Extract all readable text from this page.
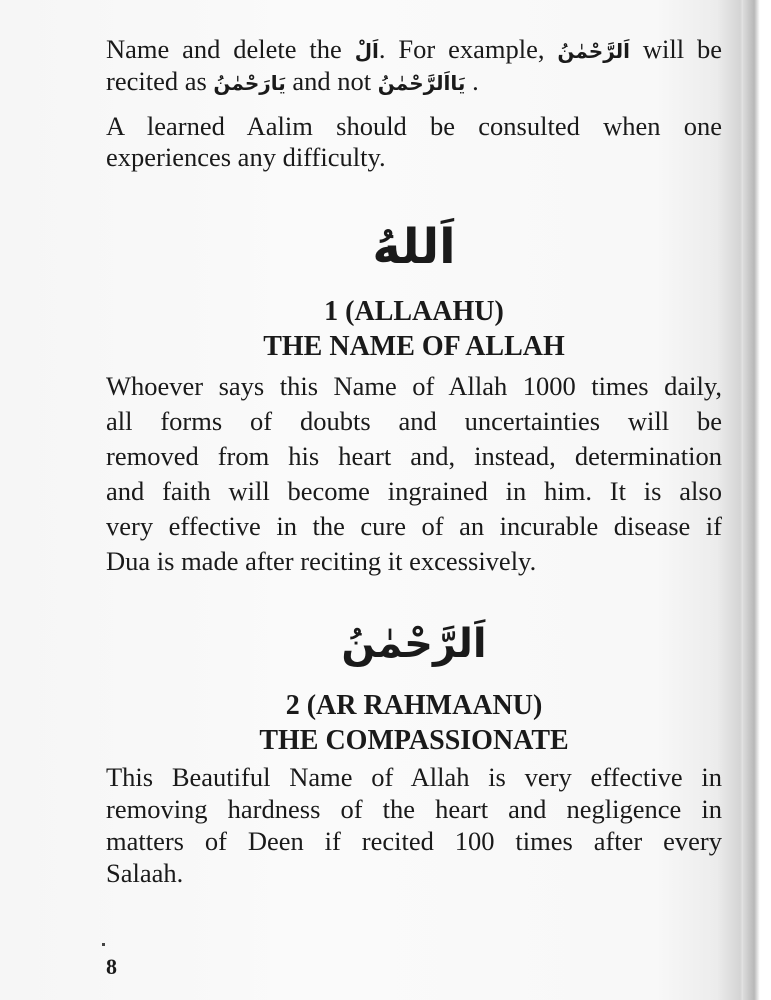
Name and delete the اَلْ. For example, اَلرَّحْمٰنُ will be
recited as يَارَحْمٰنُ and not يَااَلرَّحْمٰنُ .
A learned Aalim should be consulted when one
experiences any difficulty.
اَللهُ
1 (ALLAAHU)
THE NAME OF ALLAH
Whoever says this Name of Allah 1000 times daily,
all forms of doubts and uncertainties will be
removed from his heart and, instead, determination
and faith will become ingrained in him. It is also
very effective in the cure of an incurable disease if
Dua is made after reciting it excessively.
اَلرَّحْمٰنُ
2 (AR RAHMAANU)
THE COMPASSIONATE
This Beautiful Name of Allah is very effective in
removing hardness of the heart and negligence in
matters of Deen if recited 100 times after every
Salaah.
8
